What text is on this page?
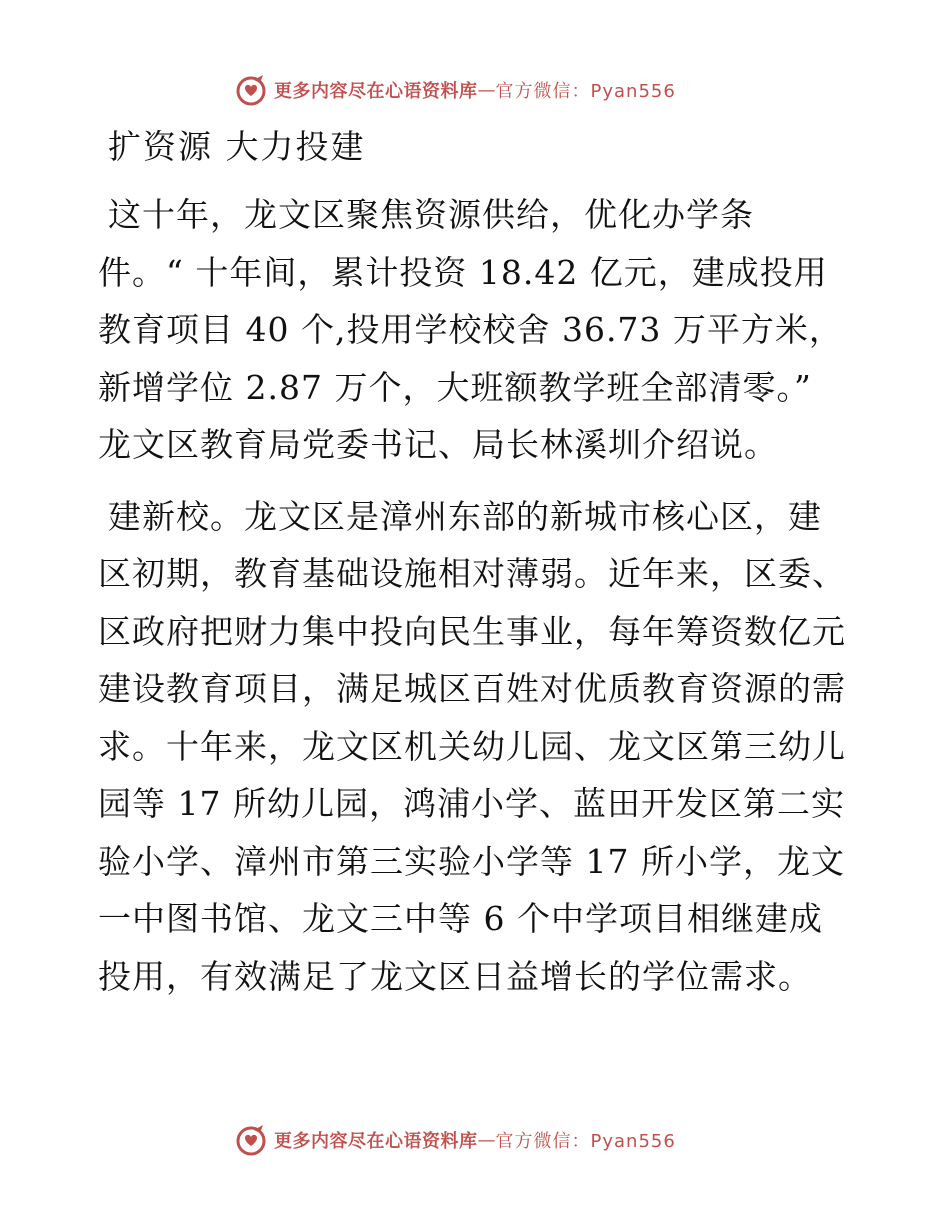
更多内容尽在心语资料库 — 官方微信：Pyan556
扩资源 大力投建

这十年，龙文区聚焦资源供给，优化办学条
件。“ 十年间，累计投资 18.42 亿元，建成投用
教育项目 40 个,投用学校校舍 36.73 万平方米，
新增学位 2.87 万个，大班额教学班全部清零。”
龙文区教育局党委书记、局长林溪圳介绍说。

建新校。龙文区是漳州东部的新城市核心区，建
区初期，教育基础设施相对薄弱。近年来，区委、
区政府把财力集中投向民生事业，每年筹资数亿元
建设教育项目，满足城区百姓对优质教育资源的需
求。十年来，龙文区机关幼儿园、龙文区第三幼儿
园等 17 所幼儿园，鸿浦小学、蓝田开发区第二实
验小学、漳州市第三实验小学等 17 所小学，龙文
一中图书馆、龙文三中等 6 个中学项目相继建成
投用，有效满足了龙文区日益增长的学位需求。

更多内容尽在心语资料库 — 官方微信：Pyan556
